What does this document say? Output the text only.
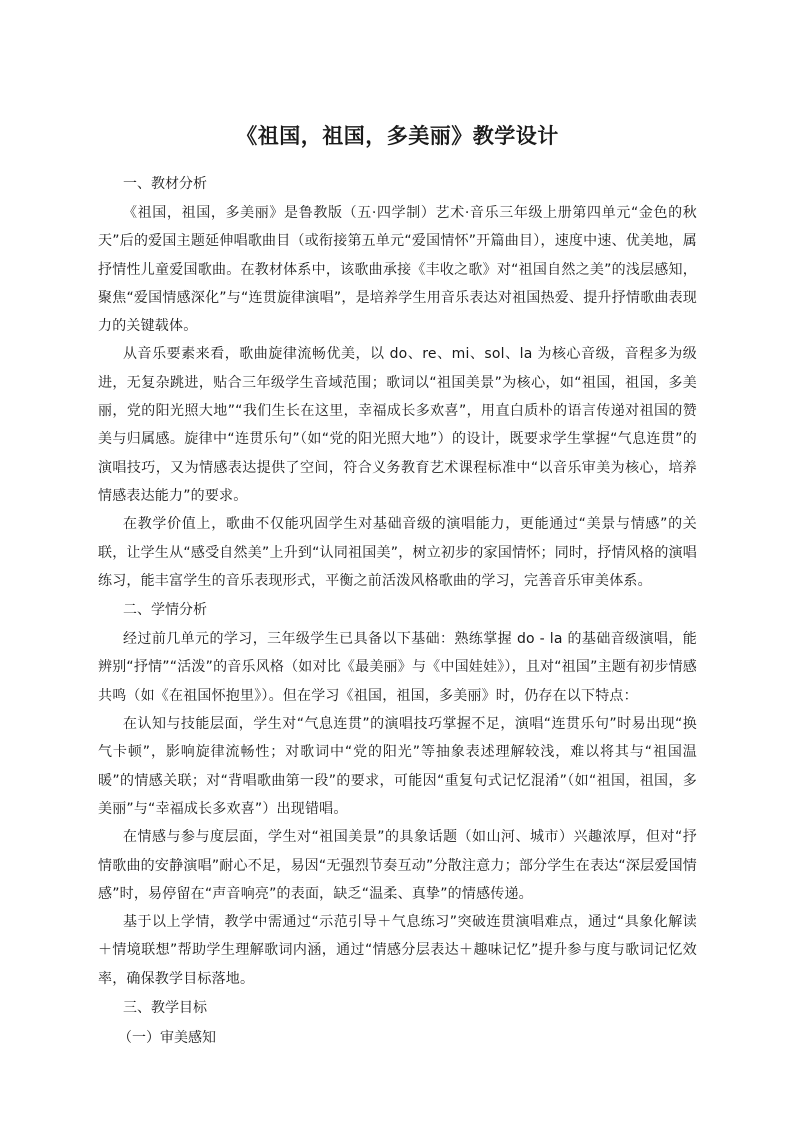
《祖国，祖国，多美丽》教学设计

一、教材分析

《祖国，祖国，多美丽》是鲁教版（五·四学制）艺术·音乐三年级上册第四单元“金色的秋天”后的爱国主题延伸唱歌曲目（或衔接第五单元“爱国情怀”开篇曲目），速度中速、优美地，属抒情性儿童爱国歌曲。在教材体系中，该歌曲承接《丰收之歌》对“祖国自然之美”的浅层感知，聚焦“爱国情感深化”与“连贯旋律演唱”，是培养学生用音乐表达对祖国热爱、提升抒情歌曲表现力的关键载体。

从音乐要素来看，歌曲旋律流畅优美，以 do、re、mi、sol、la 为核心音级，音程多为级进，无复杂跳进，贴合三年级学生音域范围；歌词以“祖国美景”为核心，如“祖国，祖国，多美丽，党的阳光照大地”“我们生长在这里，幸福成长多欢喜”，用直白质朴的语言传递对祖国的赞美与归属感。旋律中“连贯乐句”（如“党的阳光照大地”）的设计，既要求学生掌握“气息连贯”的演唱技巧，又为情感表达提供了空间，符合义务教育艺术课程标准中“以音乐审美为核心，培养情感表达能力”的要求。

在教学价值上，歌曲不仅能巩固学生对基础音级的演唱能力，更能通过“美景与情感”的关联，让学生从“感受自然美”上升到“认同祖国美”，树立初步的家国情怀；同时，抒情风格的演唱练习，能丰富学生的音乐表现形式，平衡之前活泼风格歌曲的学习，完善音乐审美体系。

二、学情分析

经过前几单元的学习，三年级学生已具备以下基础：熟练掌握 do - la 的基础音级演唱，能辨别“抒情”“活泼”的音乐风格（如对比《最美丽》与《中国娃娃》），且对“祖国”主题有初步情感共鸣（如《在祖国怀抱里》）。但在学习《祖国，祖国，多美丽》时，仍存在以下特点：

在认知与技能层面，学生对“气息连贯”的演唱技巧掌握不足，演唱“连贯乐句”时易出现“换气卡顿”，影响旋律流畅性；对歌词中“党的阳光”等抽象表述理解较浅，难以将其与“祖国温暖”的情感关联；对“背唱歌曲第一段”的要求，可能因“重复句式记忆混淆”（如“祖国，祖国，多美丽”与“幸福成长多欢喜”）出现错唱。

在情感与参与度层面，学生对“祖国美景”的具象话题（如山河、城市）兴趣浓厚，但对“抒情歌曲的安静演唱”耐心不足，易因“无强烈节奏互动”分散注意力；部分学生在表达“深层爱国情感”时，易停留在“声音响亮”的表面，缺乏“温柔、真挚”的情感传递。

基于以上学情，教学中需通过“示范引导＋气息练习”突破连贯演唱难点，通过“具象化解读＋情境联想”帮助学生理解歌词内涵，通过“情感分层表达＋趣味记忆”提升参与度与歌词记忆效率，确保教学目标落地。

三、教学目标

（一）审美感知
